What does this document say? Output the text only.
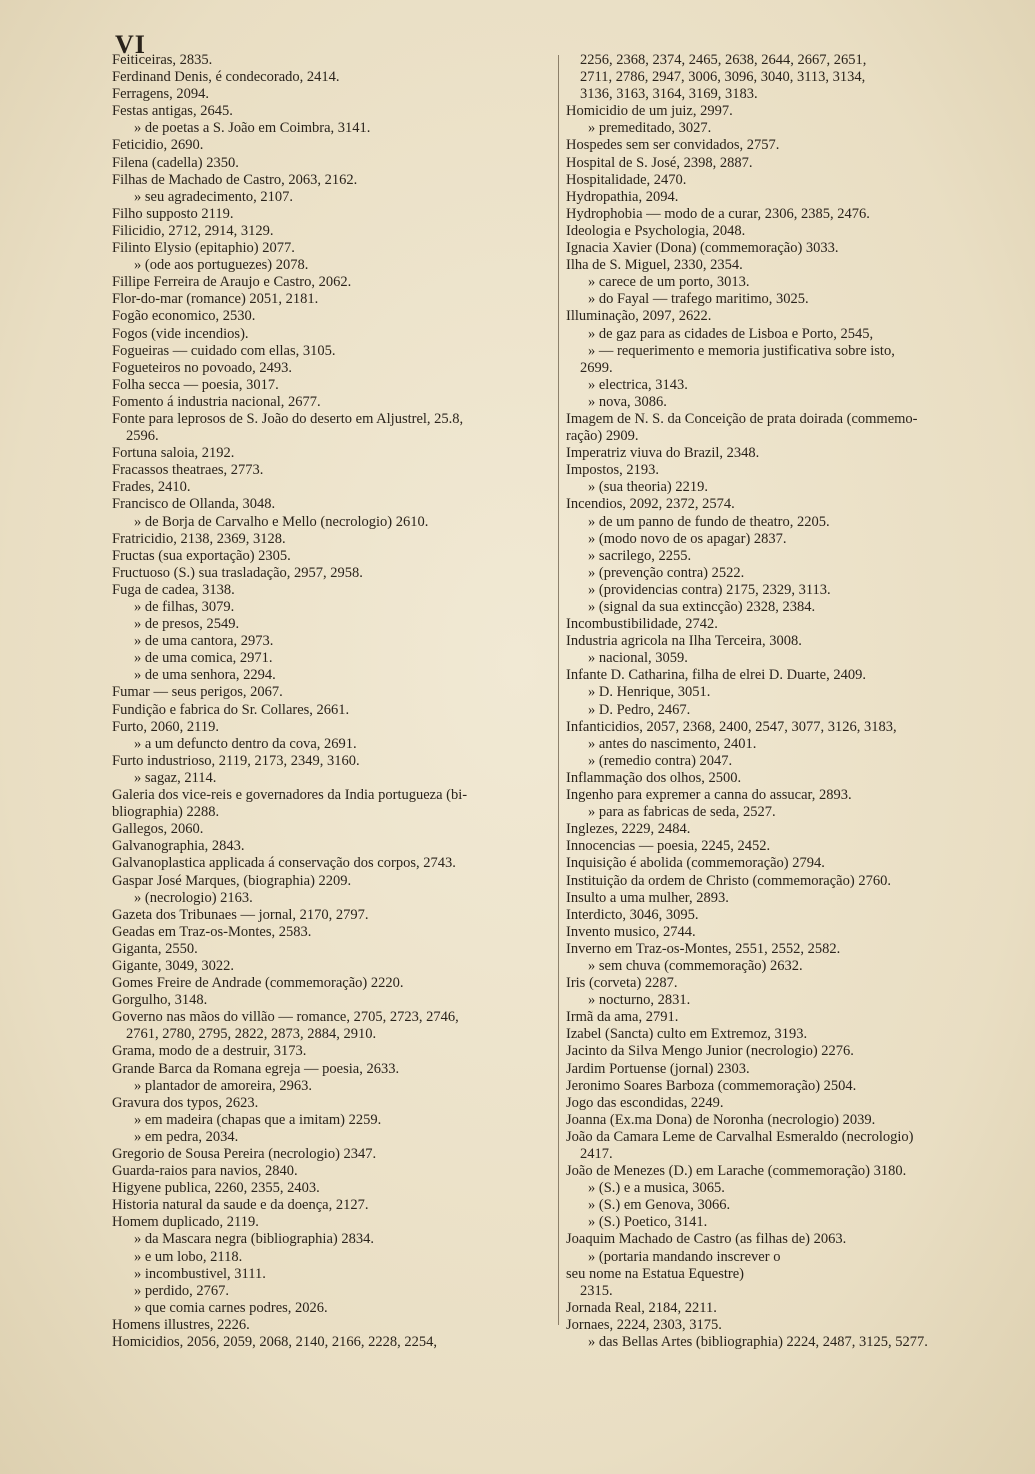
VI
Feiticeiras, 2835.
Ferdinand Denis, é condecorado, 2414.
Ferragens, 2094.
Festas antigas, 2645.
» de poetas a S. João em Coimbra, 3141.
Feticidio, 2690.
Filena (cadella) 2350.
Filhas de Machado de Castro, 2063, 2162.
» seu agradecimento, 2107.
Filho supposto 2119.
Filicidio, 2712, 2914, 3129.
Filinto Elysio (epitaphio) 2077.
» (ode aos portuguezes) 2078.
Fillipe Ferreira de Araujo e Castro, 2062.
Flor-do-mar (romance) 2051, 2181.
Fogão economico, 2530.
Fogos (vide incendios).
Fogueiras — cuidado com ellas, 3105.
Fogueteiros no povoado, 2493.
Folha secca — poesia, 3017.
Fomento á industria nacional, 2677.
Fonte para leprosos de S. João do deserto em Aljustrel, 25.8,
2596.
Fortuna saloia, 2192.
Fracassos theatraes, 2773.
Frades, 2410.
Francisco de Ollanda, 3048.
» de Borja de Carvalho e Mello (necrologio) 2610.
Fratricidio, 2138, 2369, 3128.
Fructas (sua exportação) 2305.
Fructuoso (S.) sua trasladação, 2957, 2958.
Fuga de cadea, 3138.
» de filhas, 3079.
» de presos, 2549.
» de uma cantora, 2973.
» de uma comica, 2971.
» de uma senhora, 2294.
Fumar — seus perigos, 2067.
Fundição e fabrica do Sr. Collares, 2661.
Furto, 2060, 2119.
» a um defuncto dentro da cova, 2691.
Furto industrioso, 2119, 2173, 2349, 3160.
» sagaz, 2114.
Galeria dos vice-reis e governadores da India portugueza (bi-
bliographia) 2288.
Gallegos, 2060.
Galvanographia, 2843.
Galvanoplastica applicada á conservação dos corpos, 2743.
Gaspar José Marques, (biographia) 2209.
» (necrologio) 2163.
Gazeta dos Tribunaes — jornal, 2170, 2797.
Geadas em Traz-os-Montes, 2583.
Giganta, 2550.
Gigante, 3049, 3022.
Gomes Freire de Andrade (commemoração) 2220.
Gorgulho, 3148.
Governo nas mãos do villão — romance, 2705, 2723, 2746,
2761, 2780, 2795, 2822, 2873, 2884, 2910.
Grama, modo de a destruir, 3173.
Grande Barca da Romana egreja — poesia, 2633.
» plantador de amoreira, 2963.
Gravura dos typos, 2623.
» em madeira (chapas que a imitam) 2259.
» em pedra, 2034.
Gregorio de Sousa Pereira (necrologio) 2347.
Guarda-raios para navios, 2840.
Higyene publica, 2260, 2355, 2403.
Historia natural da saude e da doença, 2127.
Homem duplicado, 2119.
» da Mascara negra (bibliographia) 2834.
» e um lobo, 2118.
» incombustivel, 3111.
» perdido, 2767.
» que comia carnes podres, 2026.
Homens illustres, 2226.
Homicidios, 2056, 2059, 2068, 2140, 2166, 2228, 2254,
2256, 2368, 2374, 2465, 2638, 2644, 2667, 2651,
2711, 2786, 2947, 3006, 3096, 3040, 3113, 3134,
3136, 3163, 3164, 3169, 3183.
Homicidio de um juiz, 2997.
» premeditado, 3027.
Hospedes sem ser convidados, 2757.
Hospital de S. José, 2398, 2887.
Hospitalidade, 2470.
Hydropathia, 2094.
Hydrophobia — modo de a curar, 2306, 2385, 2476.
Ideologia e Psychologia, 2048.
Ignacia Xavier (Dona) (commemoração) 3033.
Ilha de S. Miguel, 2330, 2354.
» carece de um porto, 3013.
» do Fayal — trafego maritimo, 3025.
Illuminação, 2097, 2622.
» de gaz para as cidades de Lisboa e Porto, 2545,
» — requerimento e memoria justificativa sobre isto,
2699.
» electrica, 3143.
» nova, 3086.
Imagem de N. S. da Conceição de prata doirada (commemo-
ração) 2909.
Imperatriz viuva do Brazil, 2348.
Impostos, 2193.
» (sua theoria) 2219.
Incendios, 2092, 2372, 2574.
» de um panno de fundo de theatro, 2205.
» (modo novo de os apagar) 2837.
» sacrilego, 2255.
» (prevenção contra) 2522.
» (providencias contra) 2175, 2329, 3113.
» (signal da sua extincção) 2328, 2384.
Incombustibilidade, 2742.
Industria agricola na Ilha Terceira, 3008.
» nacional, 3059.
Infante D. Catharina, filha de elrei D. Duarte, 2409.
» D. Henrique, 3051.
» D. Pedro, 2467.
Infanticidios, 2057, 2368, 2400, 2547, 3077, 3126, 3183,
» antes do nascimento, 2401.
» (remedio contra) 2047.
Inflammação dos olhos, 2500.
Ingenho para expremer a canna do assucar, 2893.
» para as fabricas de seda, 2527.
Inglezes, 2229, 2484.
Innocencias — poesia, 2245, 2452.
Inquisição é abolida (commemoração) 2794.
Instituição da ordem de Christo (commemoração) 2760.
Insulto a uma mulher, 2893.
Interdicto, 3046, 3095.
Invento musico, 2744.
Inverno em Traz-os-Montes, 2551, 2552, 2582.
» sem chuva (commemoração) 2632.
Iris (corveta) 2287.
» nocturno, 2831.
Irmã da ama, 2791.
Izabel (Sancta) culto em Extremoz, 3193.
Jacinto da Silva Mengo Junior (necrologio) 2276.
Jardim Portuense (jornal) 2303.
Jeronimo Soares Barboza (commemoração) 2504.
Jogo das escondidas, 2249.
Joanna (Ex.ma Dona) de Noronha (necrologio) 2039.
João da Camara Leme de Carvalhal Esmeraldo (necrologio)
2417.
João de Menezes (D.) em Larache (commemoração) 3180.
» (S.) e a musica, 3065.
» (S.) em Genova, 3066.
» (S.) Poetico, 3141.
Joaquim Machado de Castro (as filhas de) 2063.
» (portaria mandando inscrever o
seu nome na Estatua Equestre)
2315.
Jornada Real, 2184, 2211.
Jornaes, 2224, 2303, 3175.
» das Bellas Artes (bibliographia) 2224, 2487, 3125, 5277.
